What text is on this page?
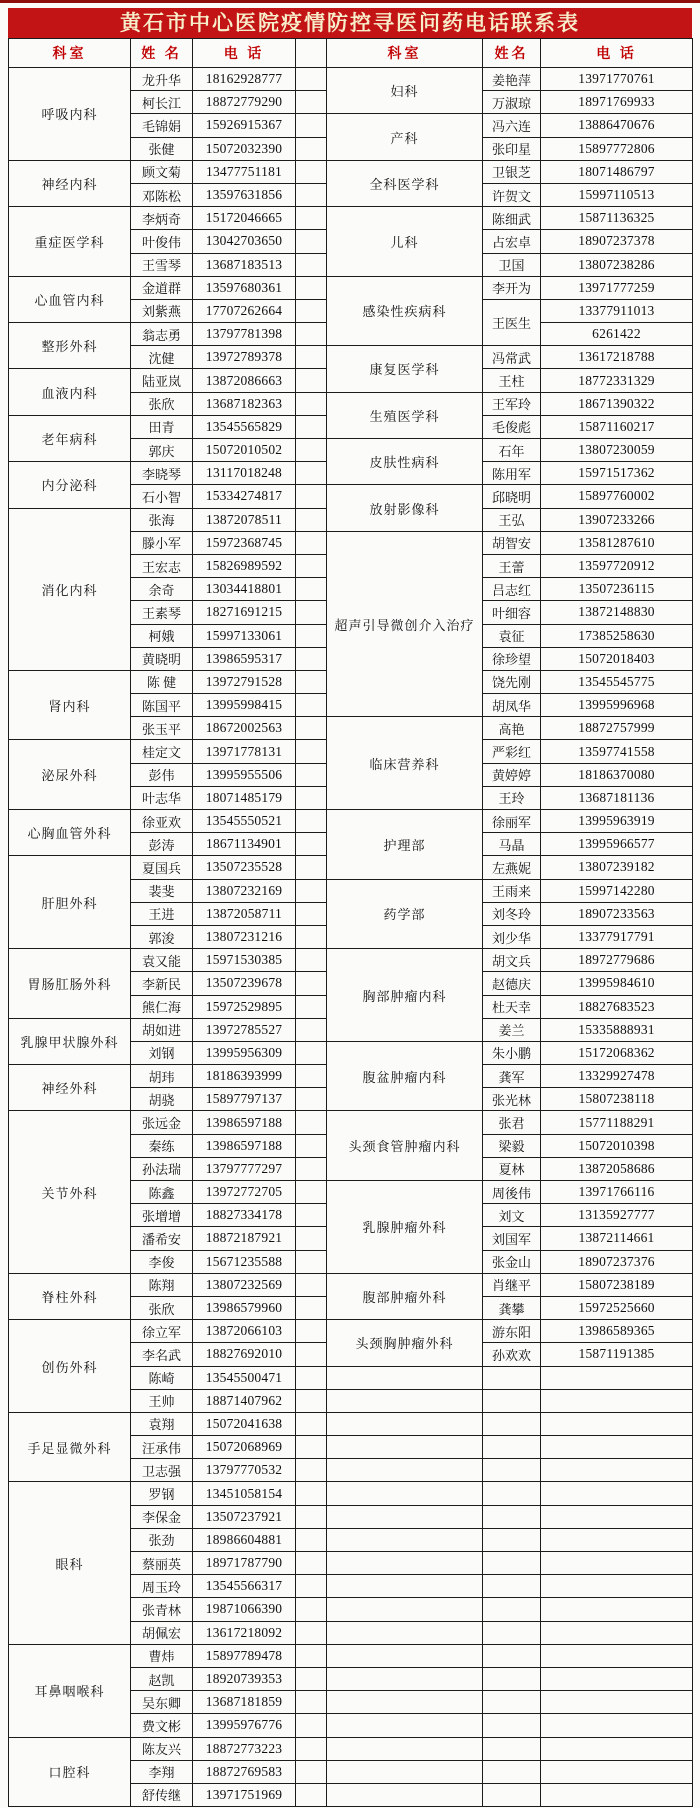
黄石市中心医院疫情防控寻医问药电话联系表
科室	姓 名	电 话		科室	姓名	电 话
呼吸内科	龙升华	18162928777		妇科	姜艳萍	13971770761
	柯长江	18872779290			万淑琼	18971769933
	毛锦娟	15926915367		产科	冯六连	13886470676
	张健	15072032390			张印星	15897772806
神经内科	顾文菊	13477751181		全科医学科	卫银芝	18071486797
	邓陈松	13597631856			许贺文	15997110513
重症医学科	李炳奇	15172046665		儿科	陈细武	15871136325
	叶俊伟	13042703650			占宏卓	18907237378
	王雪琴	13687183513			卫国	13807238286
心血管内科	金道群	13597680361		感染性疾病科	李开为	13971777259
	刘紫燕	17707262664			王医生	13377911013
整形外科	翁志勇	13797781398				6261422
	沈健	13972789378		康复医学科	冯常武	13617218788
血液内科	陆亚岚	13872086663			王柱	18772331329
	张欣	13687182363		生殖医学科	王军玲	18671390322
老年病科	田青	13545565829			毛俊彪	15871160217
	郭庆	15072010502		皮肤性病科	石年	13807230059
内分泌科	李晓琴	13117018248			陈用军	15971517362
	石小智	15334274817		放射影像科	邱晓明	15897760002
消化内科	张海	13872078511			王弘	13907233266
	滕小军	15972368745		超声引导微创介入治疗	胡智安	13581287610
	王宏志	15826989592			王蕾	13597720912
	余奇	13034418801			吕志红	13507236115
	王素琴	18271691215			叶细容	13872148830
	柯娥	15997133061			袁征	17385258630
	黄晓明	13986595317			徐珍望	15072018403
肾内科	陈 健	13972791528			饶先刚	13545545775
	陈国平	13995998415			胡凤华	13995996968
	张玉平	18672002563		临床营养科	高艳	18872757999
泌尿外科	桂定文	13971778131			严彩红	13597741558
	彭伟	13995955506			黄婷婷	18186370080
	叶志华	18071485179			王玲	13687181136
心胸血管外科	徐亚欢	13545550521		护理部	徐丽军	13995963919
	彭涛	18671134901			马晶	13995966577
肝胆外科	夏国兵	13507235528			左燕妮	13807239182
	裴斐	13807232169		药学部	王雨来	15997142280
	王进	13872058711			刘冬玲	18907233563
	郭浚	13807231216			刘少华	13377917791
胃肠肛肠外科	袁又能	15971530385		胸部肿瘤内科	胡文兵	18972779686
	李新民	13507239678			赵德庆	13995984610
	熊仁海	15972529895			杜天幸	18827683523
乳腺甲状腺外科	胡如进	13972785527			姜兰	15335888931
	刘钢	13995956309		腹盆肿瘤内科	朱小鹏	15172068362
神经外科	胡玮	18186393999			龚军	13329927478
	胡骁	15897797137			张光林	15807238118
关节外科	张远金	13986597188		头颈食管肿瘤内科	张君	15771188291
	秦练	13986597188			梁毅	15072010398
	孙法瑞	13797777297			夏林	13872058686
	陈鑫	13972772705		乳腺肿瘤外科	周後伟	13971766116
	张增增	18827334178			刘文	13135927777
	潘希安	18872187921			刘国军	13872114661
	李俊	15671235588			张金山	18907237376
脊柱外科	陈翔	13807232569		腹部肿瘤外科	肖继平	15807238189
	张欣	13986579960			龚攀	15972525660
创伤外科	徐立军	13872066103		头颈胸肿瘤外科	游东阳	13986589365
	李名武	18827692010			孙欢欢	15871191385
	陈崎	13545500471				
	王帅	18871407962				
手足显微外科	袁翔	15072041638				
	汪承伟	15072068969				
	卫志强	13797770532				
眼科	罗钢	13451058154				
	李保金	13507237921				
	张劲	18986604881				
	蔡丽英	18971787790				
	周玉玲	13545566317				
	张青林	19871066390				
	胡佩宏	13617218092				
耳鼻咽喉科	曹炜	15897789478				
	赵凯	18920739353				
	吴东卿	13687181859				
	费文彬	13995976776				
口腔科	陈友兴	18872773223				
	李翔	18872769583				
	舒传继	13971751969				
